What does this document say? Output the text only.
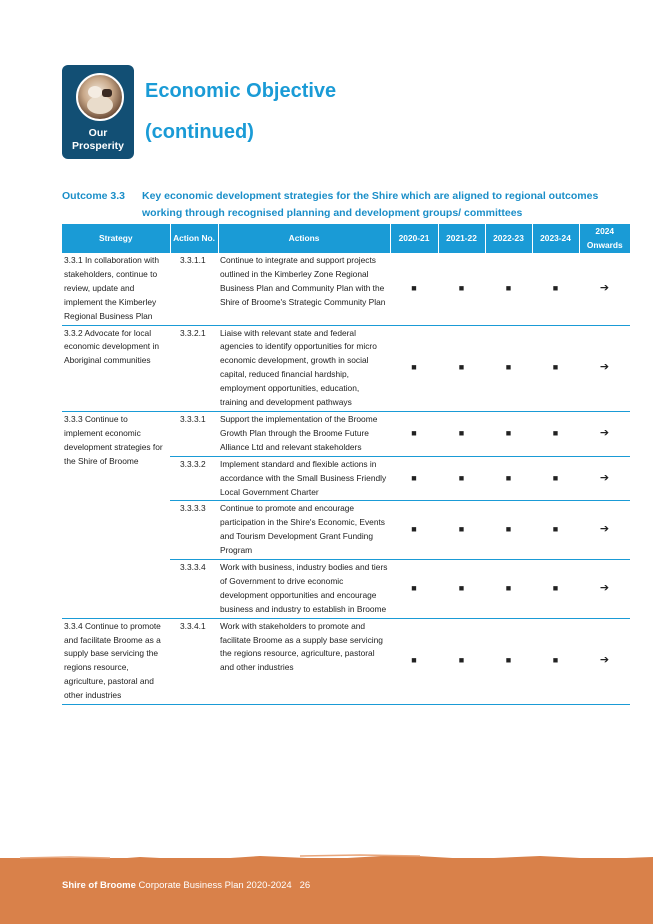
Our
Prosperity
Economic Objective
(continued)
Outcome 3.3 Key economic development strategies for the Shire which are aligned to regional outcomes working through recognised planning and development groups/ committees
Strategy	Action No.	Actions	2020-21	2021-22	2022-23	2023-24	2024 Onwards
3.3.1 In collaboration with stakeholders, continue to review, update and implement the Kimberley Regional Business Plan	3.3.1.1	Continue to integrate and support projects outlined in the Kimberley Zone Regional Business Plan and Community Plan with the Shire of Broome's Strategic Community Plan	■	■	■	■	➔
3.3.2 Advocate for local economic development in Aboriginal communities	3.3.2.1	Liaise with relevant state and federal agencies to identify opportunities for micro economic development, growth in social capital, reduced financial hardship, employment opportunities, education, training and development pathways	■	■	■	■	➔
3.3.3 Continue to implement economic development strategies for the Shire of Broome	3.3.3.1	Support the implementation of the Broome Growth Plan through the Broome Future Alliance Ltd and relevant stakeholders	■	■	■	■	➔
	3.3.3.2	Implement standard and flexible actions in accordance with the Small Business Friendly Local Government Charter	■	■	■	■	➔
	3.3.3.3	Continue to promote and encourage participation in the Shire's Economic, Events and Tourism Development Grant Funding Program	■	■	■	■	➔
	3.3.3.4	Work with business, industry bodies and tiers of Government to drive economic development opportunities and encourage business and industry to establish in Broome	■	■	■	■	➔
3.3.4 Continue to promote and facilitate Broome as a supply base servicing the regions resource, agriculture, pastoral and other industries	3.3.4.1	Work with stakeholders to promote and facilitate Broome as a supply base servicing the regions resource, agriculture, pastoral and other industries	■	■	■	■	➔
Shire of Broome Corporate Business Plan 2020-2024 26
